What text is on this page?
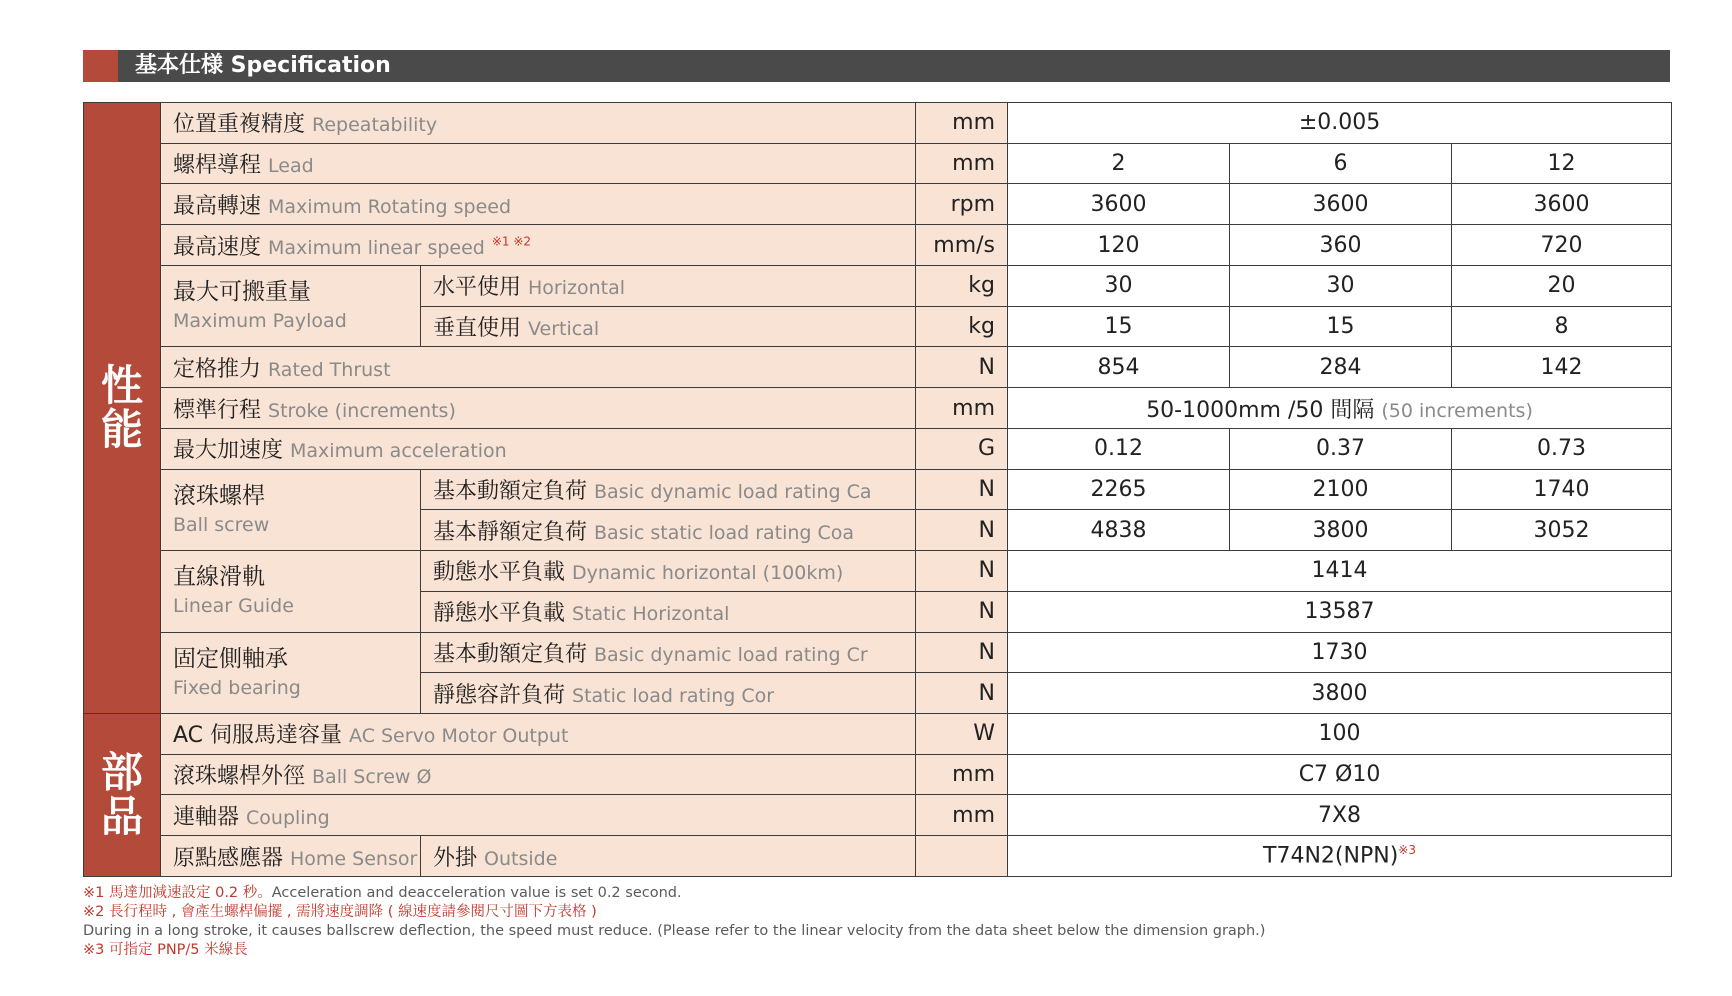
基本仕様 Specification
性能	位置重複精度 Repeatability		mm	±0.005		
	螺桿導程 Lead		mm	2	6	12
	最高轉速 Maximum Rotating speed		rpm	3600	3600	3600
	最高速度 Maximum linear speed $^{※1 ※2}$		mm/s	120	360	720

	最大可搬重量
Maximum Payload	水平使用 Horizontal	kg	30	30	20
		垂直使用 Vertical	kg	15	15	8
	定格推力 Rated Thrust		N	854	284	142
	標準行程 Stroke (increments)		mm	50-1000mm /50 間隔 (50 increments)		
	最大加速度 Maximum acceleration		G	0.12	0.37	0.73

	滾珠螺桿
Ball screw	基本動額定負荷 Basic dynamic load rating Ca	N	2265	2100	1740
		基本靜額定負荷 Basic static load rating Coa	N	4838	3800	3052

	直線滑軌
Linear Guide	動態水平負載 Dynamic horizontal (100km)	N	1414		
		靜態水平負載 Static Horizontal	N	13587		

	固定側軸承
Fixed bearing	基本動額定負荷 Basic dynamic load rating Cr	N	1730		
		靜態容許負荷 Static load rating Cor	N	3800		
部品	AC 伺服馬達容量 AC Servo Motor Output		W	100		
	滾珠螺桿外徑 Ball Screw Ø		mm	C7 Ø10		
	連軸器 Coupling		mm	7X8		
	原點感應器 Home Sensor	外掛 Outside		T74N2(NPN)$^{※3}$
※1 馬達加減速設定 0.2 秒。Acceleration and deacceleration value is set 0.2 second.
※2 長行程時 , 會產生螺桿偏擺 , 需將速度調降 ( 線速度請參閱尺寸圖下方表格 )
During in a long stroke, it causes ballscrew deflection, the speed must reduce. (Please refer to the linear velocity from the data sheet below the dimension graph.)
※3 可指定 PNP/5 米線長
